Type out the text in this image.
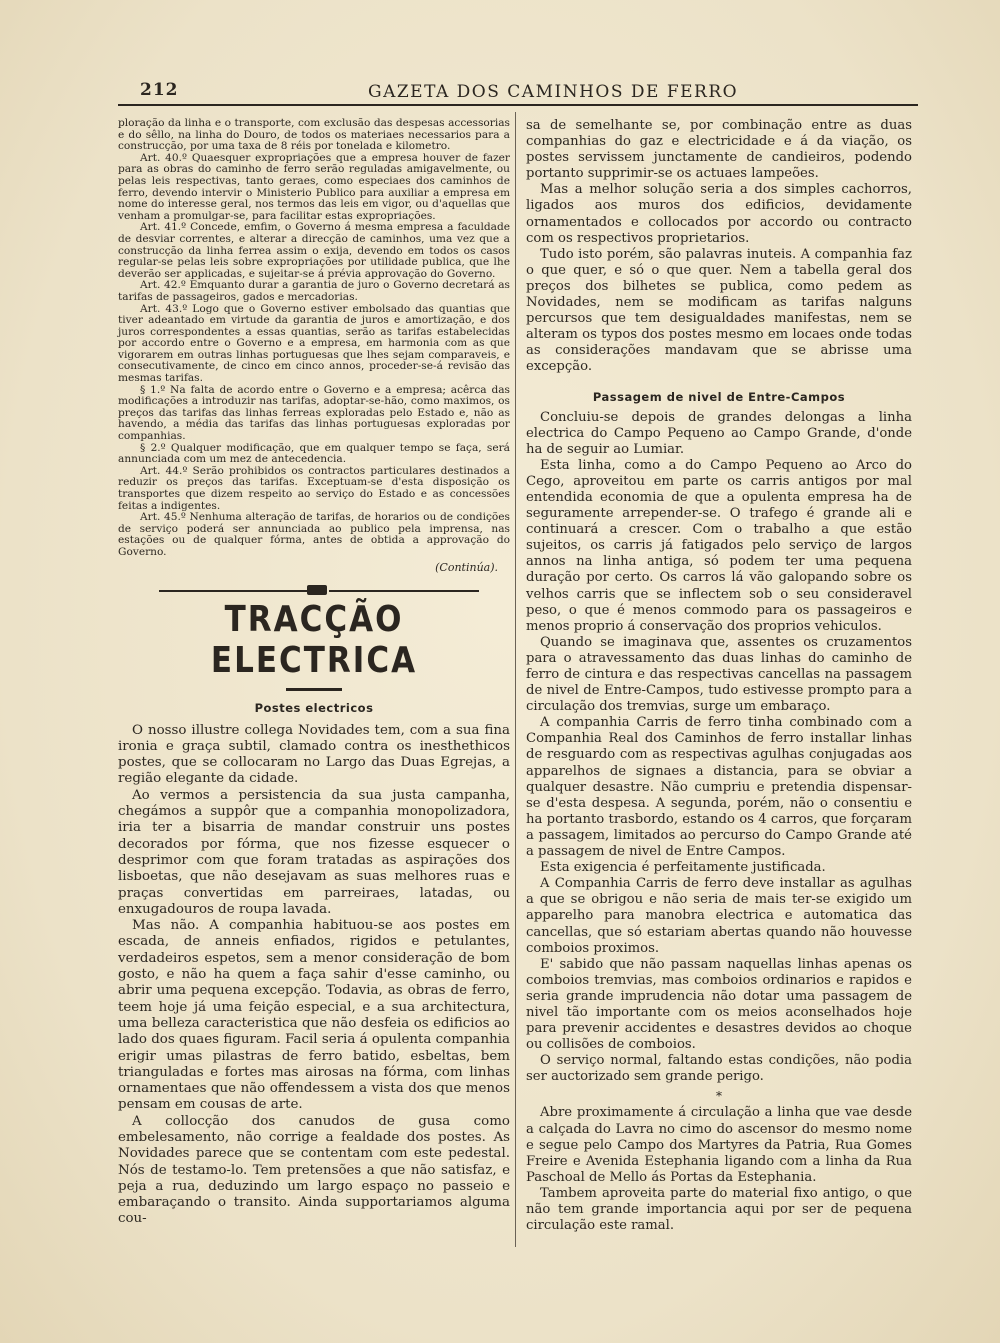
212	GAZETA DOS CAMINHOS DE FERRO

ploração da linha e o transporte, com exclusão das despesas accessorias e do sêllo, na linha do Douro, de todos os materiaes necessarios para a construcção, por uma taxa de 8 réis por tonelada e kilometro.

Art. 40.º Quaesquer expropriações que a empresa houver de fazer para as obras do caminho de ferro serão reguladas amigavelmente, ou pelas leis respectivas, tanto geraes, como especiaes dos caminhos de ferro, devendo intervir o Ministerio Publico para auxiliar a empresa em nome do interesse geral, nos termos das leis em vigor, ou d'aquellas que venham a promulgar-se, para facilitar estas expropriações.

Art. 41.º Concede, emfim, o Governo á mesma empresa a faculdade de desviar correntes, e alterar a direcção de caminhos, uma vez que a construcção da linha ferrea assim o exija, devendo em todos os casos regular-se pelas leis sobre expropriações por utilidade publica, que lhe deverão ser applicadas, e sujeitar-se á prévia approvação do Governo.

Art. 42.º Emquanto durar a garantia de juro o Governo decretará as tarifas de passageiros, gados e mercadorias.

Art. 43.º Logo que o Governo estiver embolsado das quantias que tiver adeantado em virtude da garantia de juros e amortização, e dos juros correspondentes a essas quantias, serão as tarifas estabelecidas por accordo entre o Governo e a empresa, em harmonia com as que vigorarem em outras linhas portuguesas que lhes sejam comparaveis, e consecutivamente, de cinco em cinco annos, proceder-se-á revisão das mesmas tarifas.

§ 1.º Na falta de acordo entre o Governo e a empresa; acêrca das modificações a introduzir nas tarifas, adoptar-se-hão, como maximos, os preços das tarifas das linhas ferreas exploradas pelo Estado e, não as havendo, a média das tarifas das linhas portuguesas exploradas por companhias.

§ 2.º Qualquer modificação, que em qualquer tempo se faça, será annunciada com um mez de antecedencia.

Art. 44.º Serão prohibidos os contractos particulares destinados a reduzir os preços das tarifas. Exceptuam-se d'esta disposição os transportes que dizem respeito ao serviço do Estado e as concessões feitas a indigentes.

Art. 45.º Nenhuma alteração de tarifas, de horarios ou de condições de serviço poderá ser annunciada ao publico pela imprensa, nas estações ou de qualquer fórma, antes de obtida a approvação do Governo.

(Continúa).
TRACÇÃO ELECTRICA
Postes electricos

O nosso illustre collega Novidades tem, com a sua fina ironia e graça subtil, clamado contra os inesthethicos postes, que se collocaram no Largo das Duas Egrejas, a região elegante da cidade.

Ao vermos a persistencia da sua justa campanha, chegámos a suppôr que a companhia monopolizadora, iria ter a bisarria de mandar construir uns postes decorados por fórma, que nos fizesse esquecer o desprimor com que foram tratadas as aspirações dos lisboetas, que não desejavam as suas melhores ruas e praças convertidas em parreiraes, latadas, ou enxugadouros de roupa lavada.

Mas não. A companhia habituou-se aos postes em escada, de anneis enfiados, rigidos e petulantes, verdadeiros espetos, sem a menor consideração de bom gosto, e não ha quem a faça sahir d'esse caminho, ou abrir uma pequena excepção. Todavia, as obras de ferro, teem hoje já uma feição especial, e a sua architectura, uma belleza caracteristica que não desfeia os edificios ao lado dos quaes figuram. Facil seria á opulenta companhia erigir umas pilastras de ferro batido, esbeltas, bem trianguladas e fortes mas airosas na fórma, com linhas ornamentaes que não offendessem a vista dos que menos pensam em cousas de arte.

A collocção dos canudos de gusa como embelesamento, não corrige a fealdade dos postes. As Novidades parece que se contentam com este pedestal. Nós de testamo-lo. Tem pretensões a que não satisfaz, e peja a rua, deduzindo um largo espaço no passeio e embaraçando o transito. Ainda supportariamos alguma cou-

sa de semelhante se, por combinação entre as duas companhias do gaz e electricidade e á da viação, os postes servissem junctamente de candieiros, podendo portanto supprimir-se os actuaes lampeões.

Mas a melhor solução seria a dos simples cachorros, ligados aos muros dos edificios, devidamente ornamentados e collocados por accordo ou contracto com os respectivos proprietarios.

Tudo isto porém, são palavras inuteis. A companhia faz o que quer, e só o que quer. Nem a tabella geral dos preços dos bilhetes se publica, como pedem as Novidades, nem se modificam as tarifas nalguns percursos que tem desigualdades manifestas, nem se alteram os typos dos postes mesmo em locaes onde todas as considerações mandavam que se abrisse uma excepção.

Passagem de nivel de Entre-Campos

Concluiu-se depois de grandes delongas a linha electrica do Campo Pequeno ao Campo Grande, d'onde ha de seguir ao Lumiar.

Esta linha, como a do Campo Pequeno ao Arco do Cego, aproveitou em parte os carris antigos por mal entendida economia de que a opulenta empresa ha de seguramente arrepender-se. O trafego é grande ali e continuará a crescer. Com o trabalho a que estão sujeitos, os carris já fatigados pelo serviço de largos annos na linha antiga, só podem ter uma pequena duração por certo. Os carros lá vão galopando sobre os velhos carris que se inflectem sob o seu consideravel peso, o que é menos commodo para os passageiros e menos proprio á conservação dos proprios vehiculos.

Quando se imaginava que, assentes os cruzamentos para o atravessamento das duas linhas do caminho de ferro de cintura e das respectivas cancellas na passagem de nivel de Entre-Campos, tudo estivesse prompto para a circulação dos tremvias, surge um embaraço.

A companhia Carris de ferro tinha combinado com a Companhia Real dos Caminhos de ferro installar linhas de resguardo com as respectivas agulhas conjugadas aos apparelhos de signaes a distancia, para se obviar a qualquer desastre. Não cumpriu e pretendia dispensar-se d'esta despesa. A segunda, porém, não o consentiu e ha portanto trasbordo, estando os 4 carros, que forçaram a passagem, limitados ao percurso do Campo Grande até a passagem de nivel de Entre Campos.

Esta exigencia é perfeitamente justificada.

A Companhia Carris de ferro deve installar as agulhas a que se obrigou e não seria de mais ter-se exigido um apparelho para manobra electrica e automatica das cancellas, que só estariam abertas quando não houvesse comboios proximos.

E' sabido que não passam naquellas linhas apenas os comboios tremvias, mas comboios ordinarios e rapidos e seria grande imprudencia não dotar uma passagem de nivel tão importante com os meios aconselhados hoje para prevenir accidentes e desastres devidos ao choque ou collisões de comboios.

O serviço normal, faltando estas condições, não podia ser auctorizado sem grande perigo.

*

Abre proximamente á circulação a linha que vae desde a calçada do Lavra no cimo do ascensor do mesmo nome e segue pelo Campo dos Martyres da Patria, Rua Gomes Freire e Avenida Estephania ligando com a linha da Rua Paschoal de Mello ás Portas da Estephania.

Tambem aproveita parte do material fixo antigo, o que não tem grande importancia aqui por ser de pequena circulação este ramal.
